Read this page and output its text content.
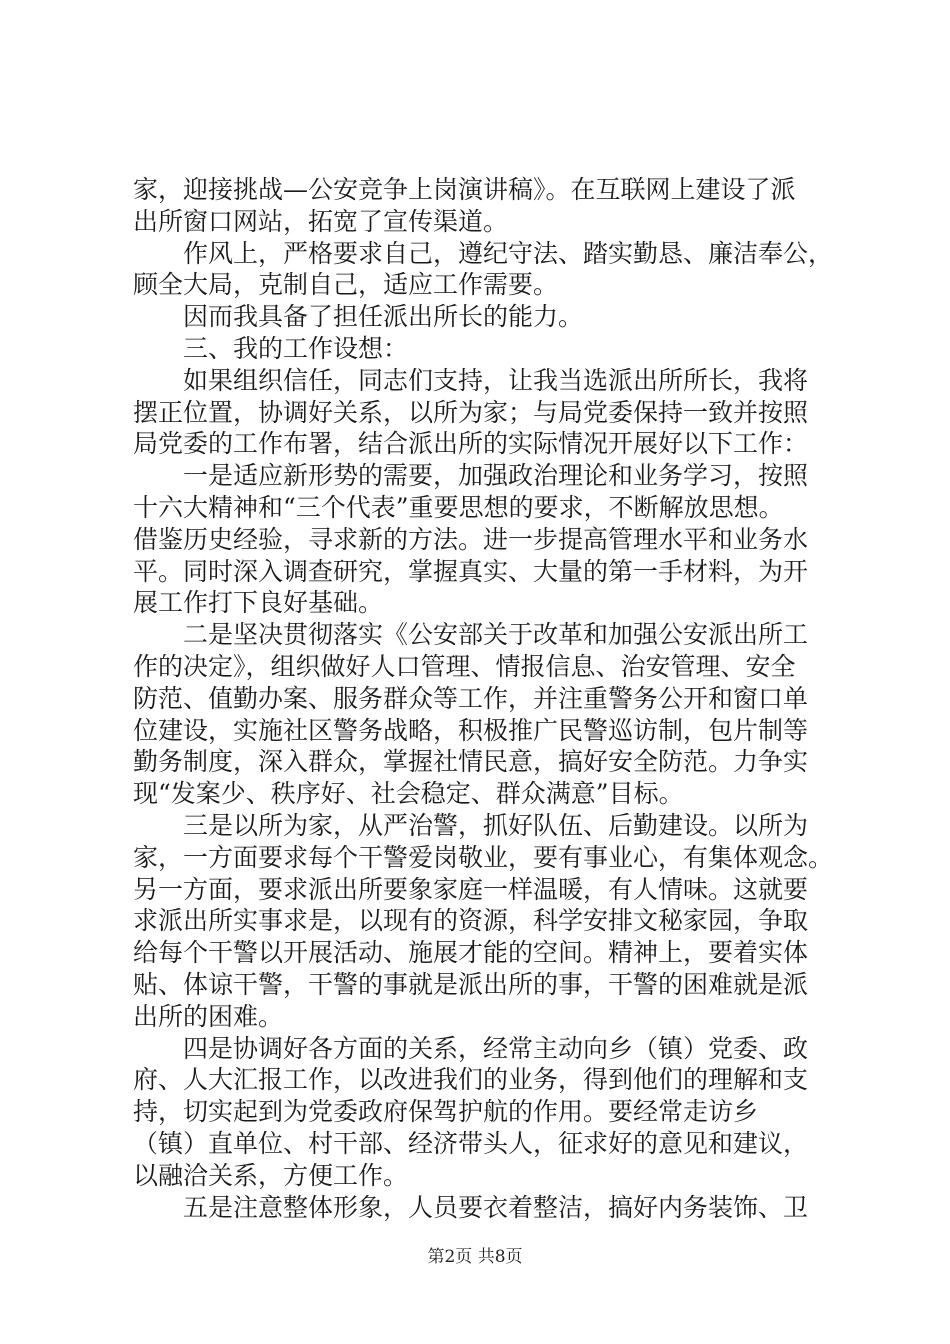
家，迎接挑战—公安竞争上岗演讲稿》。在互联网上建设了派
出所窗口网站，拓宽了宣传渠道。
作风上，严格要求自己，遵纪守法、踏实勤恳、廉洁奉公，
顾全大局，克制自己，适应工作需要。
因而我具备了担任派出所长的能力。
三、我的工作设想：
如果组织信任，同志们支持，让我当选派出所所长，我将
摆正位置，协调好关系，以所为家；与局党委保持一致并按照
局党委的工作布署，结合派出所的实际情况开展好以下工作：
一是适应新形势的需要，加强政治理论和业务学习，按照
十六大精神和“三个代表”重要思想的要求，不断解放思想。
借鉴历史经验，寻求新的方法。进一步提高管理水平和业务水
平。同时深入调查研究，掌握真实、大量的第一手材料，为开
展工作打下良好基础。
二是坚决贯彻落实《公安部关于改革和加强公安派出所工
作的决定》，组织做好人口管理、情报信息、治安管理、安全
防范、值勤办案、服务群众等工作，并注重警务公开和窗口单
位建设，实施社区警务战略，积极推广民警巡访制，包片制等
勤务制度，深入群众，掌握社情民意，搞好安全防范。力争实
现“发案少、秩序好、社会稳定、群众满意”目标。
三是以所为家，从严治警，抓好队伍、后勤建设。以所为
家，一方面要求每个干警爱岗敬业，要有事业心，有集体观念。
另一方面，要求派出所要象家庭一样温暖，有人情味。这就要
求派出所实事求是，以现有的资源，科学安排文秘家园，争取
给每个干警以开展活动、施展才能的空间。精神上，要着实体
贴、体谅干警，干警的事就是派出所的事，干警的困难就是派
出所的困难。
四是协调好各方面的关系，经常主动向乡（镇）党委、政
府、人大汇报工作，以改进我们的业务，得到他们的理解和支
持，切实起到为党委政府保驾护航的作用。要经常走访乡
（镇）直单位、村干部、经济带头人，征求好的意见和建议，
以融洽关系，方便工作。
五是注意整体形象，人员要衣着整洁，搞好内务装饰、卫
第2页 共8页
